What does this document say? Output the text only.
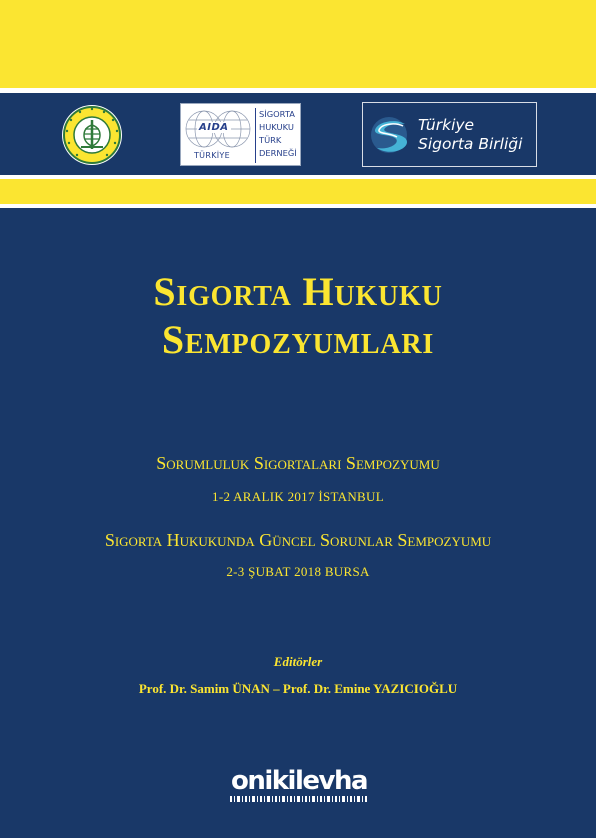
AIDA
TÜRKİYE
SİGORTA
HUKUKU
TÜRK
DERNEĞİ
Türkiye
Sigorta Birliği
Sigorta Hukuku
Sempozyumları
Sorumluluk Sigortaları Sempozyumu
1-2 ARALIK 2017 İSTANBUL
Sigorta Hukukunda Güncel Sorunlar Sempozyumu
2-3 ŞUBAT 2018 BURSA
Editörler
Prof. Dr. Samim ÜNAN – Prof. Dr. Emine YAZICIOĞLU
onikilevha
